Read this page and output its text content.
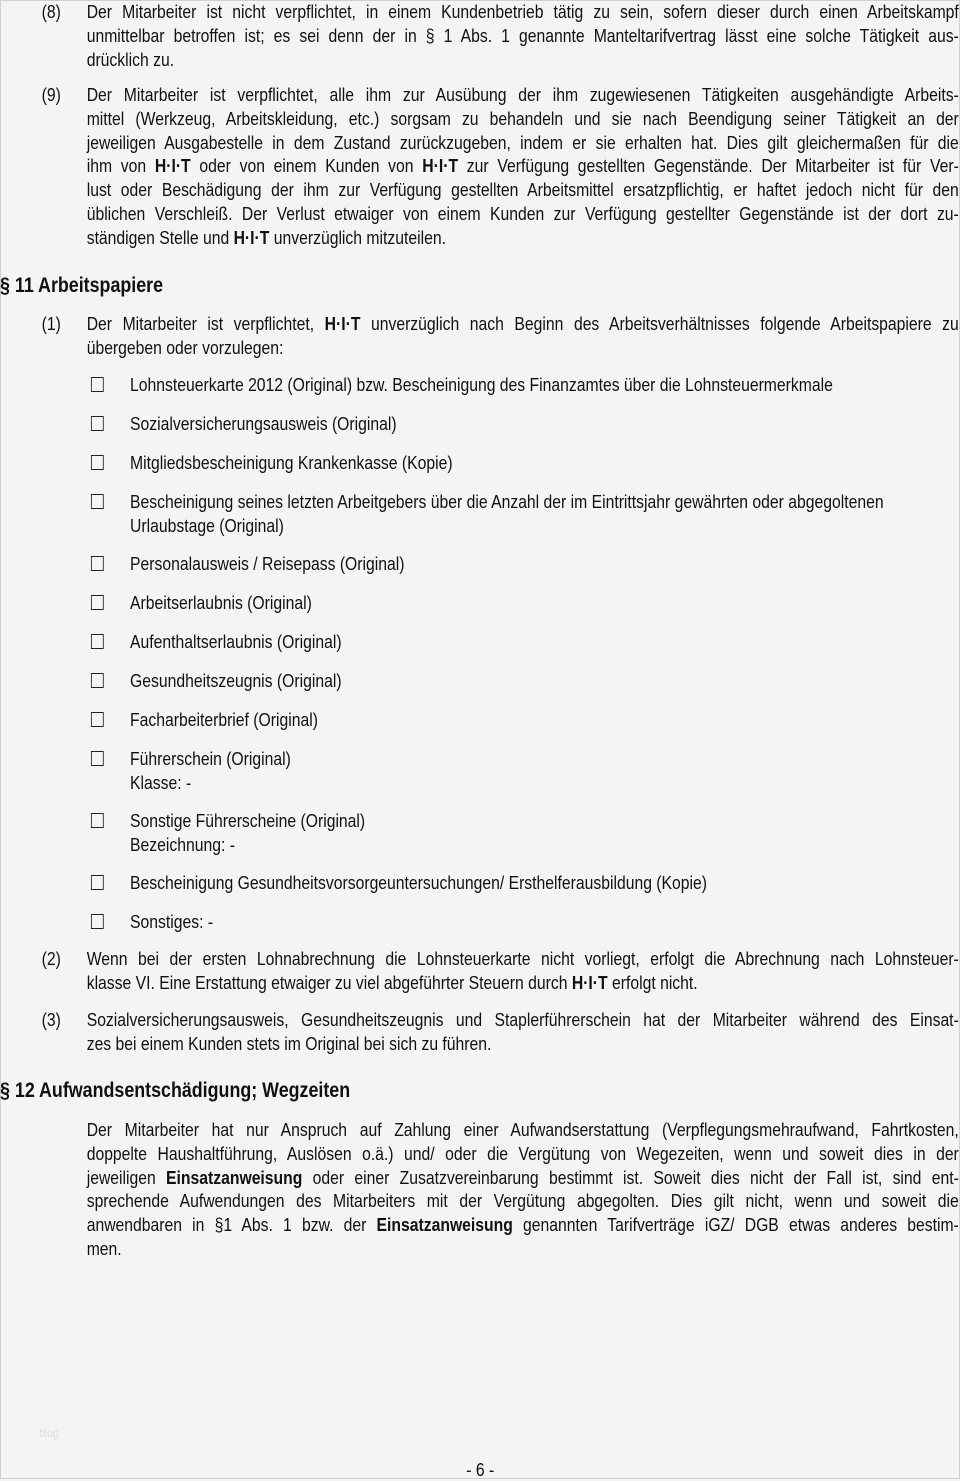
(8) Der Mitarbeiter ist nicht verpflichtet, in einem Kundenbetrieb tätig zu sein, sofern dieser durch einen Arbeitskampf
unmittelbar betroffen ist; es sei denn der in § 1 Abs. 1 genannte Manteltarifvertrag lässt eine solche Tätigkeit aus-
drücklich zu.
(9) Der Mitarbeiter ist verpflichtet, alle ihm zur Ausübung der ihm zugewiesenen Tätigkeiten ausgehändigte Arbeits-
mittel (Werkzeug, Arbeitskleidung, etc.) sorgsam zu behandeln und sie nach Beendigung seiner Tätigkeit an der
jeweiligen Ausgabestelle in dem Zustand zurückzugeben, indem er sie erhalten hat. Dies gilt gleichermaßen für die
ihm von H·I·T oder von einem Kunden von H·I·T zur Verfügung gestellten Gegenstände. Der Mitarbeiter ist für Ver-
lust oder Beschädigung der ihm zur Verfügung gestellten Arbeitsmittel ersatzpflichtig, er haftet jedoch nicht für den
üblichen Verschleiß. Der Verlust etwaiger von einem Kunden zur Verfügung gestellter Gegenstände ist der dort zu-
ständigen Stelle und H·I·T unverzüglich mitzuteilen.
§ 11 Arbeitspapiere
(1) Der Mitarbeiter ist verpflichtet, H·I·T unverzüglich nach Beginn des Arbeitsverhältnisses folgende Arbeitspapiere zu
übergeben oder vorzulegen:
Lohnsteuerkarte 2012 (Original) bzw. Bescheinigung des Finanzamtes über die Lohnsteuermerkmale
Sozialversicherungsausweis (Original)
Mitgliedsbescheinigung Krankenkasse (Kopie)
Bescheinigung seines letzten Arbeitgebers über die Anzahl der im Eintrittsjahr gewährten oder abgegoltenen
Urlaubstage (Original)
Personalausweis / Reisepass (Original)
Arbeitserlaubnis (Original)
Aufenthaltserlaubnis (Original)
Gesundheitszeugnis (Original)
Facharbeiterbrief (Original)
Führerschein (Original)
Klasse: -
Sonstige Führerscheine (Original)
Bezeichnung: -
Bescheinigung Gesundheitsvorsorgeuntersuchungen/ Ersthelferausbildung (Kopie)
Sonstiges: -
(2) Wenn bei der ersten Lohnabrechnung die Lohnsteuerkarte nicht vorliegt, erfolgt die Abrechnung nach Lohnsteuer-
klasse VI. Eine Erstattung etwaiger zu viel abgeführter Steuern durch H·I·T erfolgt nicht.
(3) Sozialversicherungsausweis, Gesundheitszeugnis und Staplerführerschein hat der Mitarbeiter während des Einsat-
zes bei einem Kunden stets im Original bei sich zu führen.
§ 12 Aufwandsentschädigung; Wegzeiten
Der Mitarbeiter hat nur Anspruch auf Zahlung einer Aufwandserstattung (Verpflegungsmehraufwand, Fahrtkosten,
doppelte Haushaltführung, Auslösen o.ä.) und/ oder die Vergütung von Wegezeiten, wenn und soweit dies in der
jeweiligen Einsatzanweisung oder einer Zusatzvereinbarung bestimmt ist. Soweit dies nicht der Fall ist, sind ent-
sprechende Aufwendungen des Mitarbeiters mit der Vergütung abgegolten. Dies gilt nicht, wenn und soweit die
anwendbaren in §1 Abs. 1 bzw. der Einsatzanweisung genannten Tarifverträge iGZ/ DGB etwas anderes bestim-
men.
blog
- 6 -
